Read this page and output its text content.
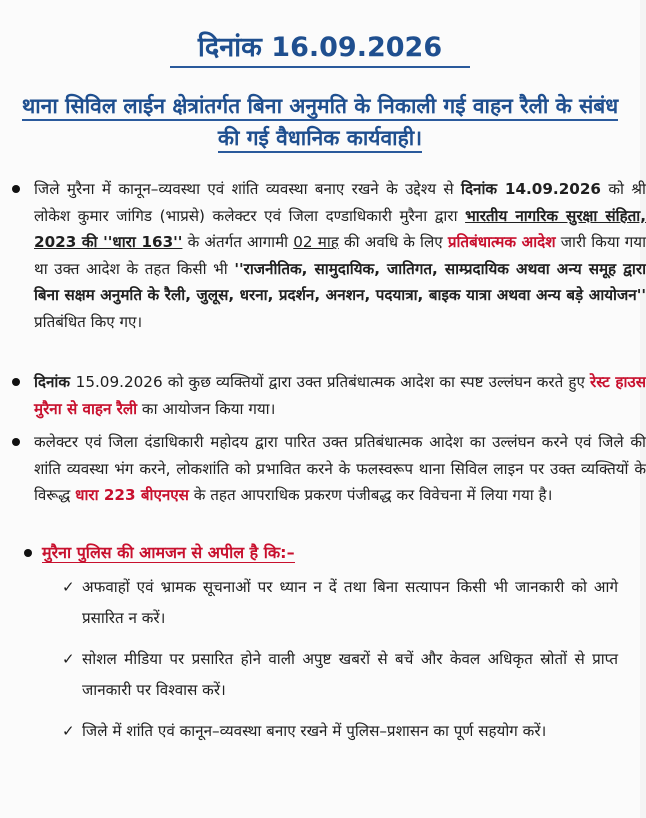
दिनांक 16.09.2026
थाना सिविल लाईन क्षेत्रांतर्गत बिना अनुमति के निकाली गई वाहन रैली के संबंध की गई वैधानिक कार्यवाही।
जिले मुरैना में कानून–व्यवस्था एवं शांति व्यवस्था बनाए रखने के उद्देश्य से दिनांक 14.09.2026 को श्री लोकेश कुमार जांगिड (भाप्रसे) कलेक्टर एवं जिला दण्डाधिकारी मुरैना द्वारा भारतीय नागरिक सुरक्षा संहिता, 2023 की ''धारा 163'' के अंतर्गत आगामी 02 माह की अवधि के लिए प्रतिबंधात्मक आदेश जारी किया गया था उक्त आदेश के तहत किसी भी ''राजनीतिक, सामुदायिक, जातिगत, साम्प्रदायिक अथवा अन्य समूह द्वारा बिना सक्षम अनुमति के रैली, जुलूस, धरना, प्रदर्शन, अनशन, पदयात्रा, बाइक यात्रा अथवा अन्य बड़े आयोजन'' प्रतिबंधित किए गए।
दिनांक 15.09.2026 को कुछ व्यक्तियों द्वारा उक्त प्रतिबंधात्मक आदेश का स्पष्ट उल्लंघन करते हुए रेस्ट हाउस मुरैना से वाहन रैली का आयोजन किया गया।
कलेक्टर एवं जिला दंडाधिकारी महोदय द्वारा पारित उक्त प्रतिबंधात्मक आदेश का उल्लंघन करने एवं जिले की शांति व्यवस्था भंग करने, लोकशांति को प्रभावित करने के फलस्वरूप थाना सिविल लाइन पर उक्त व्यक्तियों के विरूद्ध धारा 223 बीएनएस के तहत आपराधिक प्रकरण पंजीबद्ध कर विवेचना में लिया गया है।
मुरैना पुलिस की आमजन से अपील है कि:–
✓ अफवाहों एवं भ्रामक सूचनाओं पर ध्यान न दें तथा बिना सत्यापन किसी भी जानकारी को आगे प्रसारित न करें।
✓ सोशल मीडिया पर प्रसारित होने वाली अपुष्ट खबरों से बचें और केवल अधिकृत स्रोतों से प्राप्त जानकारी पर विश्वास करें।
✓ जिले में शांति एवं कानून–व्यवस्था बनाए रखने में पुलिस–प्रशासन का पूर्ण सहयोग करें।
